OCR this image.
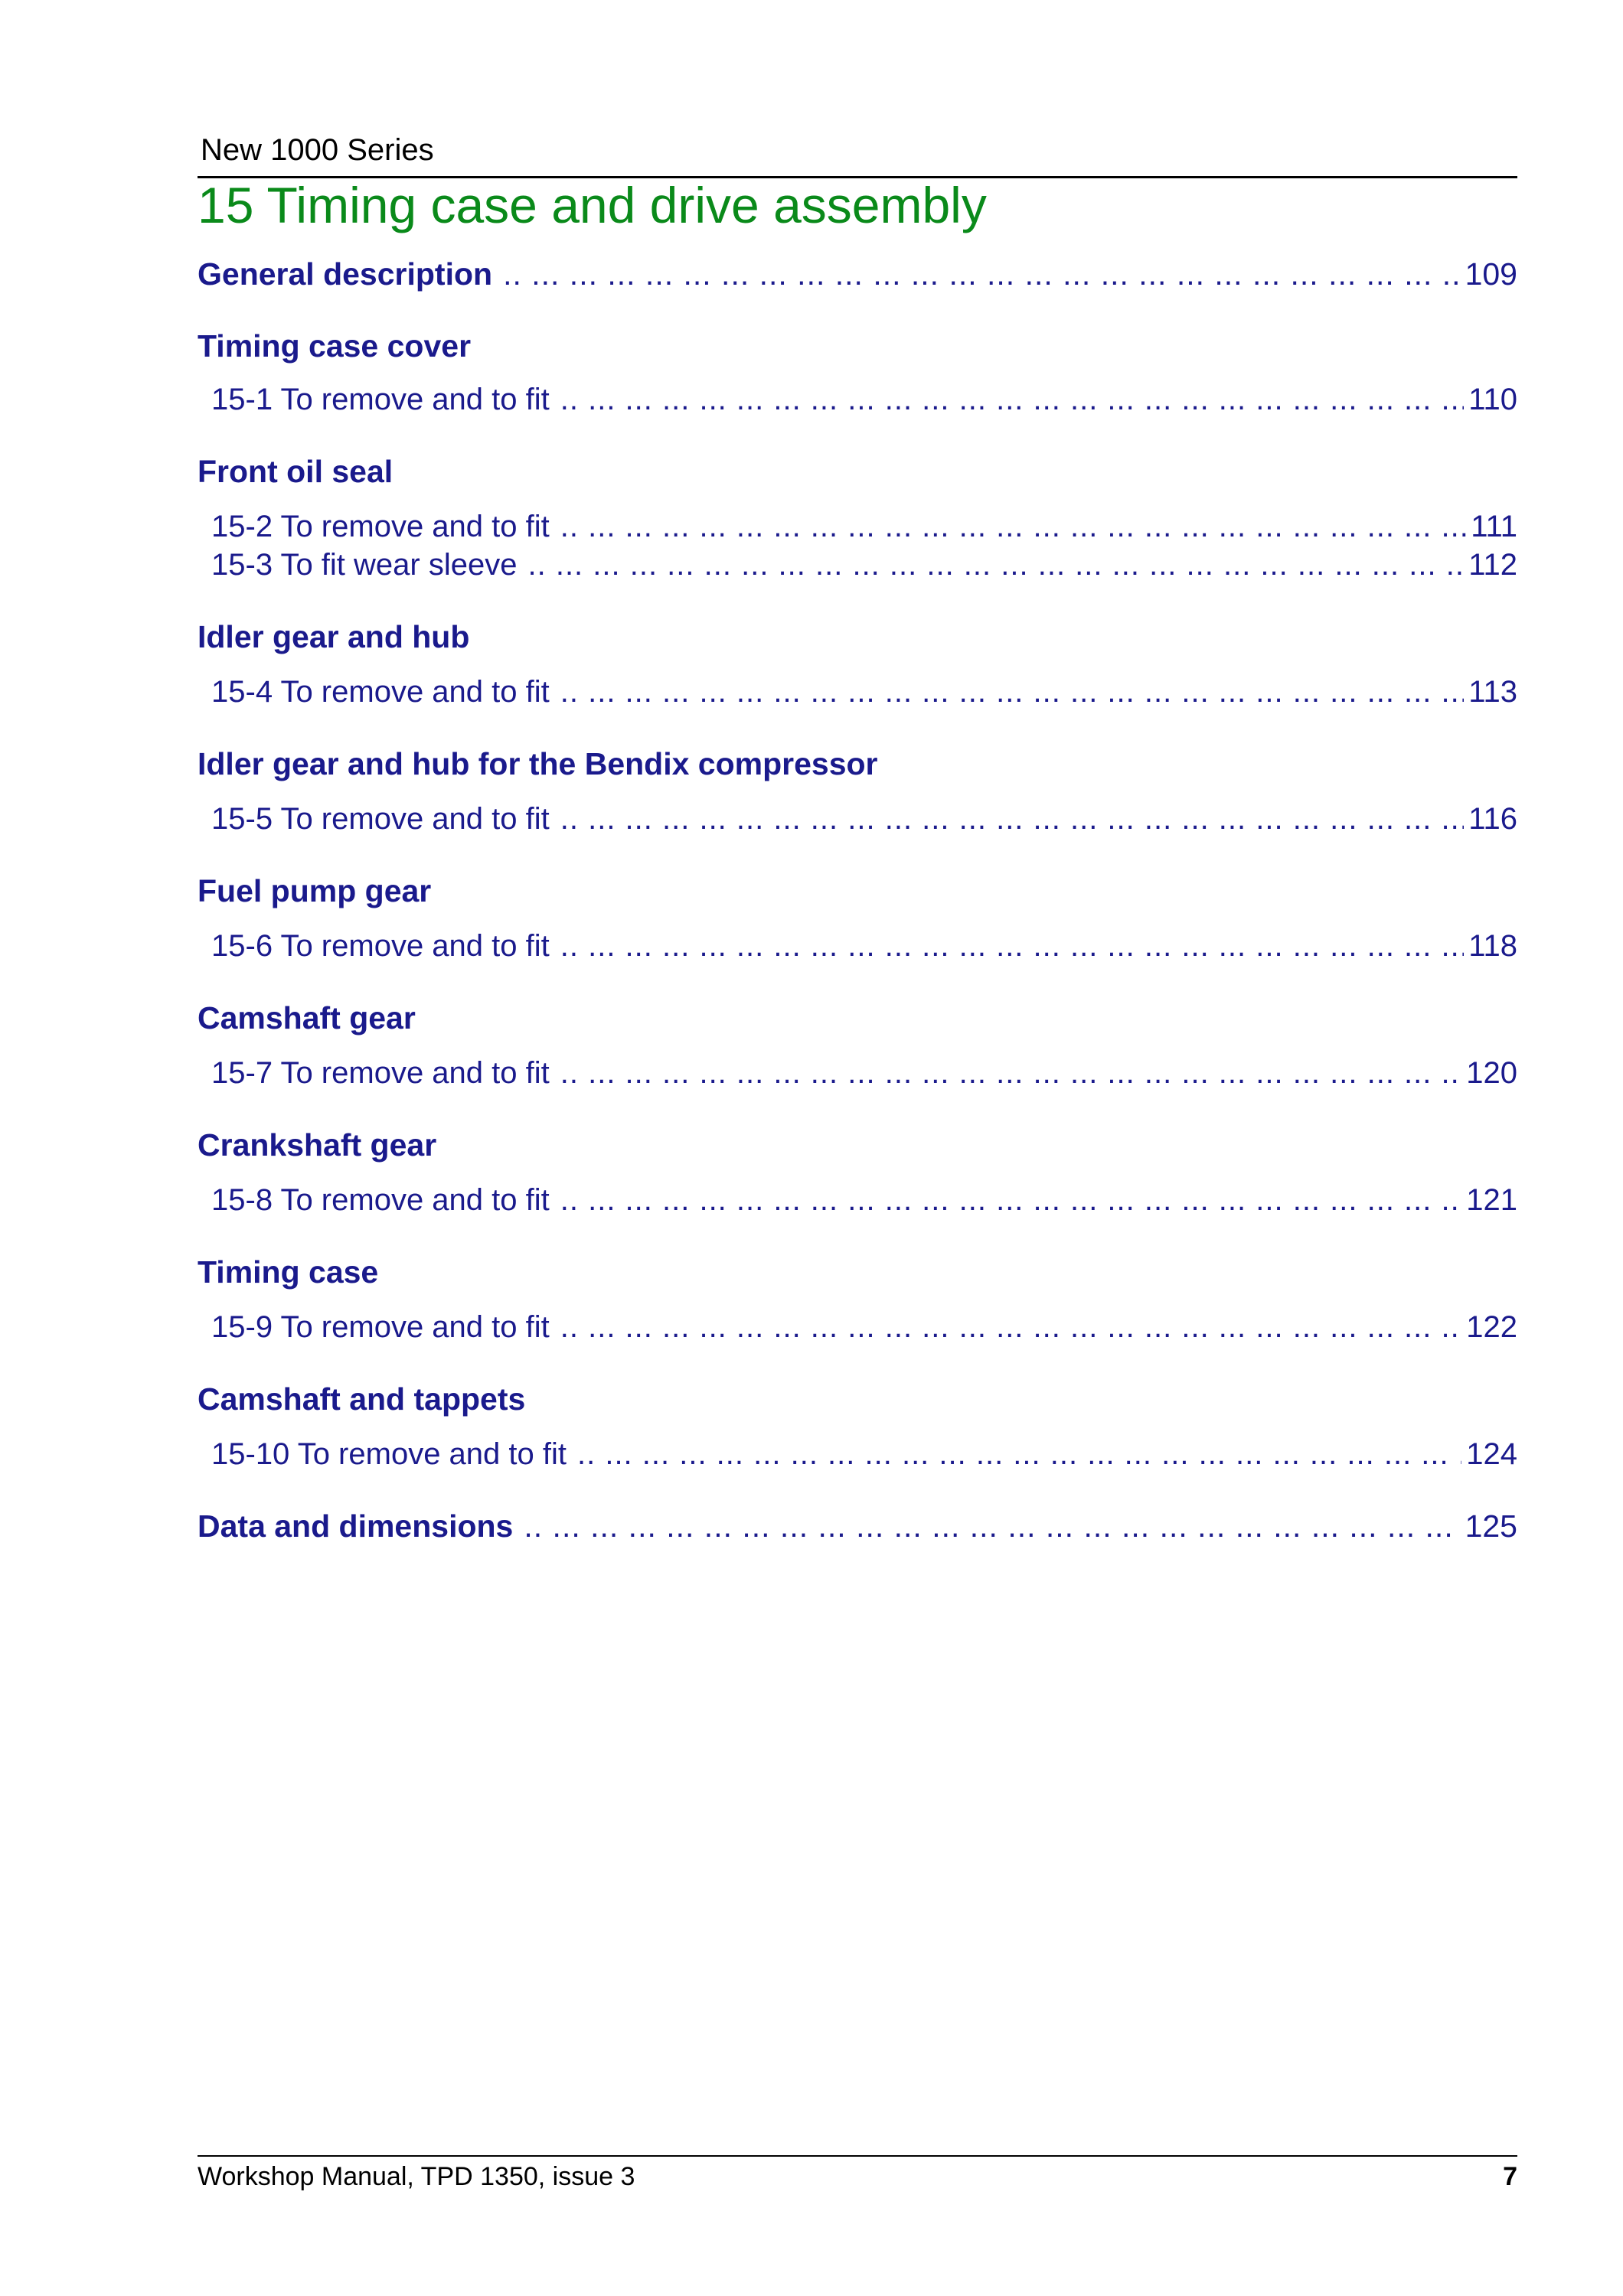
New 1000 Series
15 Timing case and drive assembly
General description .. ..	109
Timing case cover
15-1 To remove and to fit .. ..	110
Front oil seal
15-2 To remove and to fit .. ..	111
15-3 To fit wear sleeve .. ..	112
Idler gear and hub
15-4 To remove and to fit .. ..	113
Idler gear and hub for the Bendix compressor
15-5 To remove and to fit .. ..	116
Fuel pump gear
15-6 To remove and to fit .. ..	118
Camshaft gear
15-7 To remove and to fit .. ..	120
Crankshaft gear
15-8 To remove and to fit .. ..	121
Timing case
15-9 To remove and to fit .. ..	122
Camshaft and tappets
15-10 To remove and to fit .. ..	124
Data and dimensions .. ..	125
Workshop Manual, TPD 1350, issue 3	7
